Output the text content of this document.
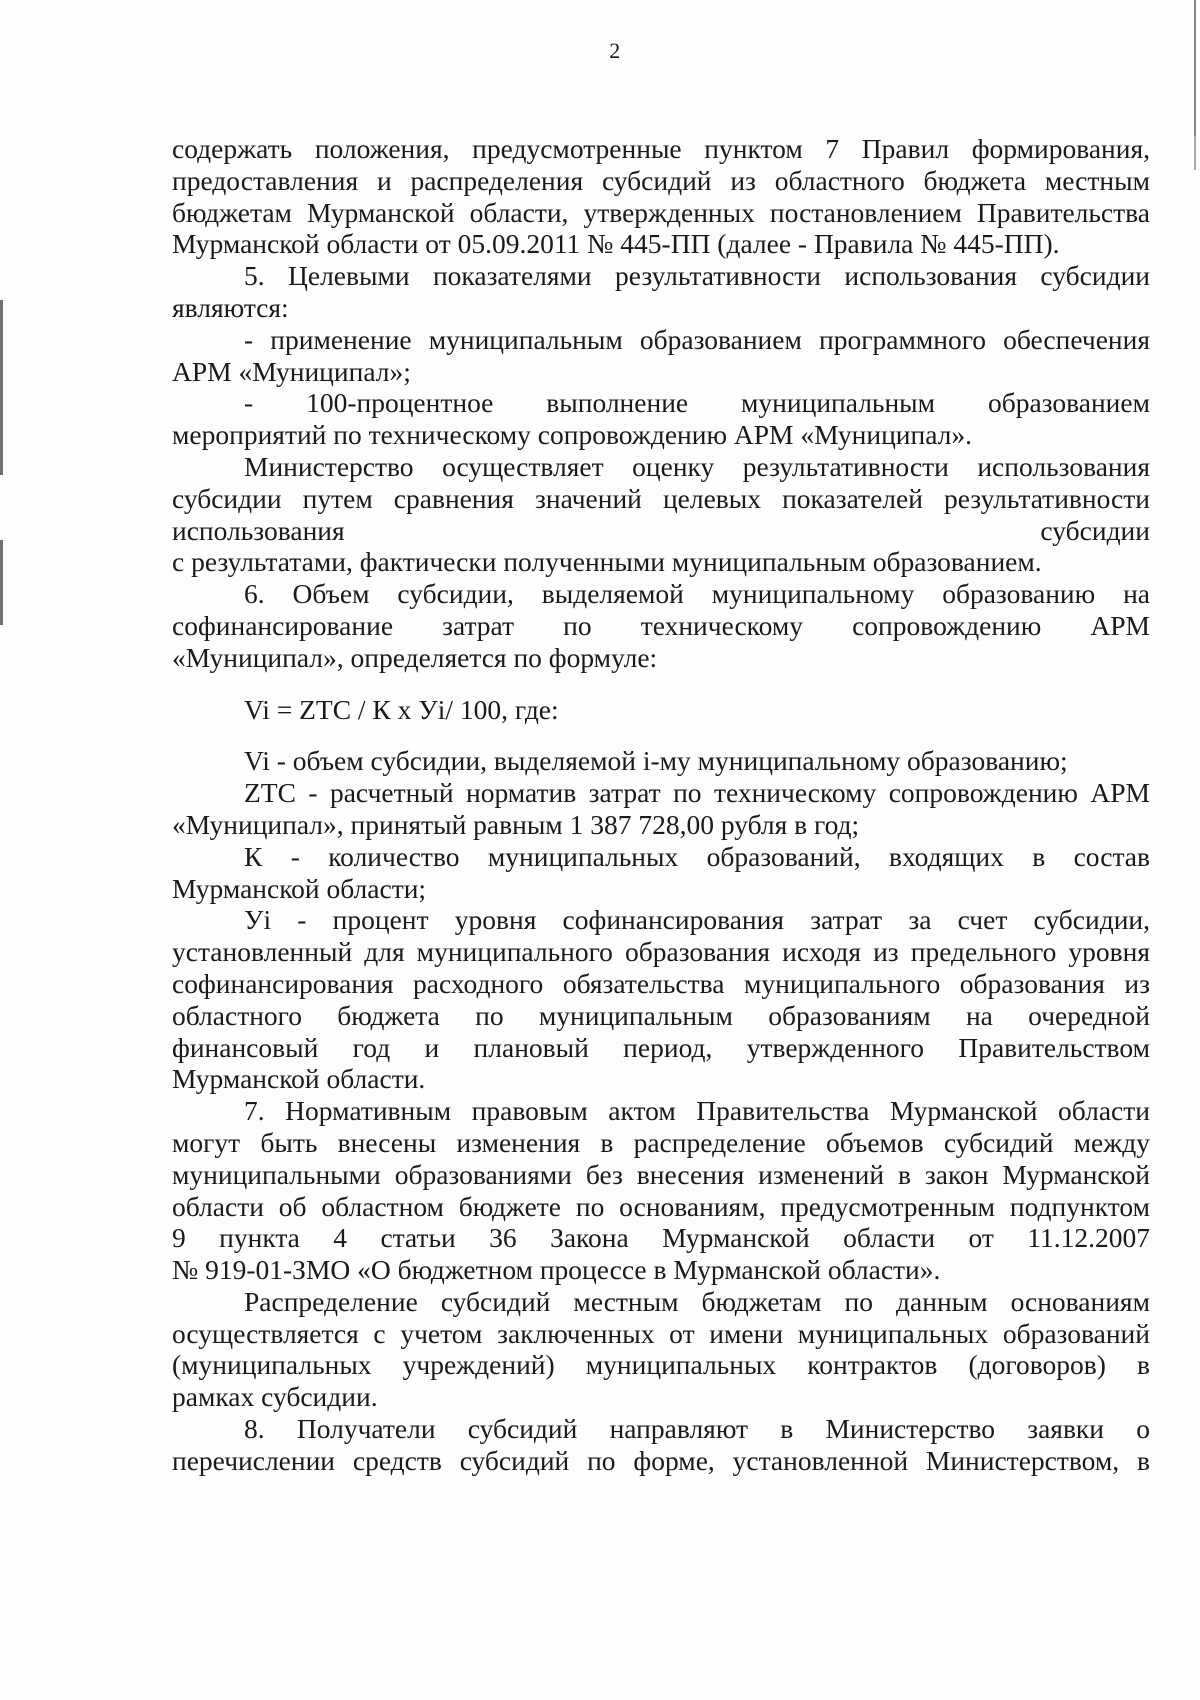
2
содержать положения, предусмотренные пунктом 7 Правил формирования,
предоставления и распределения субсидий из областного бюджета местным
бюджетам Мурманской области, утвержденных постановлением Правительства
Мурманской области от 05.09.2011 № 445-ПП (далее - Правила № 445-ПП).
5. Целевыми показателями результативности использования субсидии
являются:
- применение муниципальным образованием программного обеспечения
АРМ «Муниципал»;
- 100-процентное выполнение муниципальным образованием
мероприятий по техническому сопровождению АРМ «Муниципал».
Министерство осуществляет оценку результативности использования
субсидии путем сравнения значений целевых показателей результативности
использования субсидии
с результатами, фактически полученными муниципальным образованием.
6. Объем субсидии, выделяемой муниципальному образованию на
софинансирование затрат по техническому сопровождению АРМ
«Муниципал», определяется по формуле:
Vi = ZTC / К х Уi/ 100, где:
Vi - объем субсидии, выделяемой i-му муниципальному образованию;
ZTC - расчетный норматив затрат по техническому сопровождению АРМ
«Муниципал», принятый равным 1 387 728,00 рубля в год;
К - количество муниципальных образований, входящих в состав
Мурманской области;
Уi - процент уровня софинансирования затрат за счет субсидии,
установленный для муниципального образования исходя из предельного уровня
софинансирования расходного обязательства муниципального образования из
областного бюджета по муниципальным образованиям на очередной
финансовый год и плановый период, утвержденного Правительством
Мурманской области.
7. Нормативным правовым актом Правительства Мурманской области
могут быть внесены изменения в распределение объемов субсидий между
муниципальными образованиями без внесения изменений в закон Мурманской
области об областном бюджете по основаниям, предусмотренным подпунктом
9 пункта 4 статьи 36 Закона Мурманской области от 11.12.2007
№ 919-01-ЗМО «О бюджетном процессе в Мурманской области».
Распределение субсидий местным бюджетам по данным основаниям
осуществляется с учетом заключенных от имени муниципальных образований
(муниципальных учреждений) муниципальных контрактов (договоров) в
рамках субсидии.
8. Получатели субсидий направляют в Министерство заявки о
перечислении средств субсидий по форме, установленной Министерством, в
